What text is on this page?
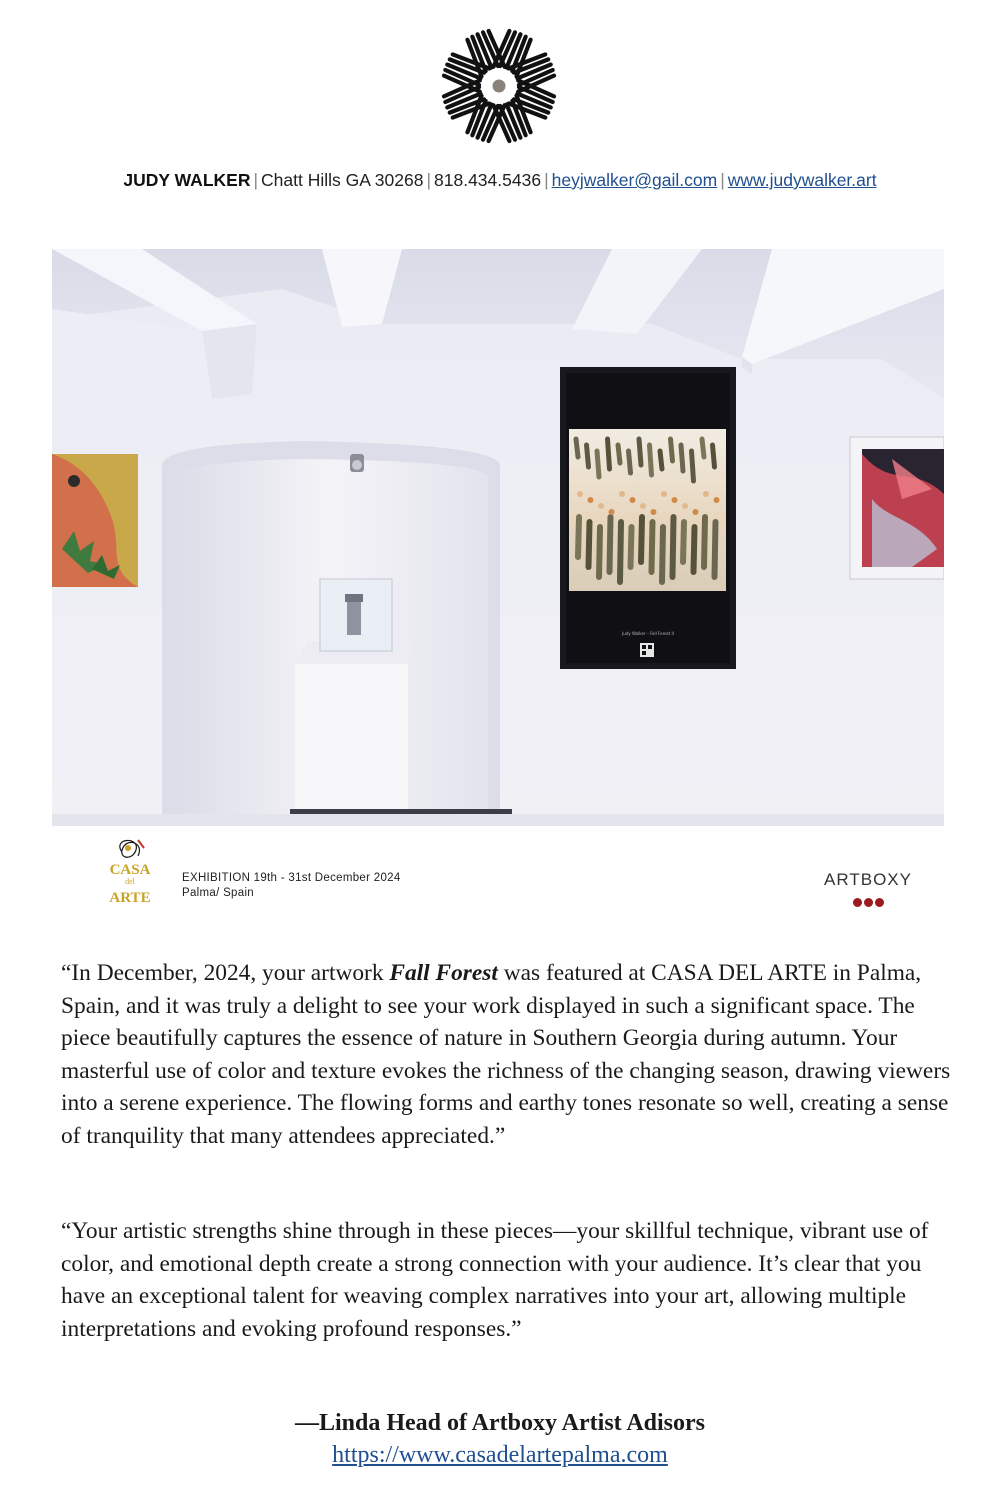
JUDY WALKER | Chatt Hills GA 30268 | 818.434.5436 | heyjwalker@gail.com | www.judywalker.art
Judy Walker – Fall Forest II
CASA
del
ARTE
EXHIBITION 19th - 31st December 2024
Palma/ Spain
ARTBOXY

“In December, 2024, your artwork Fall Forest was featured at CASA DEL ARTE in Palma, Spain, and it was truly a delight to see your work displayed in such a significant space. The piece beautifully captures the essence of nature in Southern Georgia during autumn. Your masterful use of color and texture evokes the richness of the changing season, drawing viewers into a serene experience. The flowing forms and earthy tones resonate so well, creating a sense of tranquility that many attendees appreciated.”

“Your artistic strengths shine through in these pieces—your skillful technique, vibrant use of color, and emotional depth create a strong connection with your audience. It’s clear that you have an exceptional talent for weaving complex narratives into your art, allowing multiple interpretations and evoking profound responses.”

—Linda Head of Artboxy Artist Adisors
https://www.casadelartepalma.com
